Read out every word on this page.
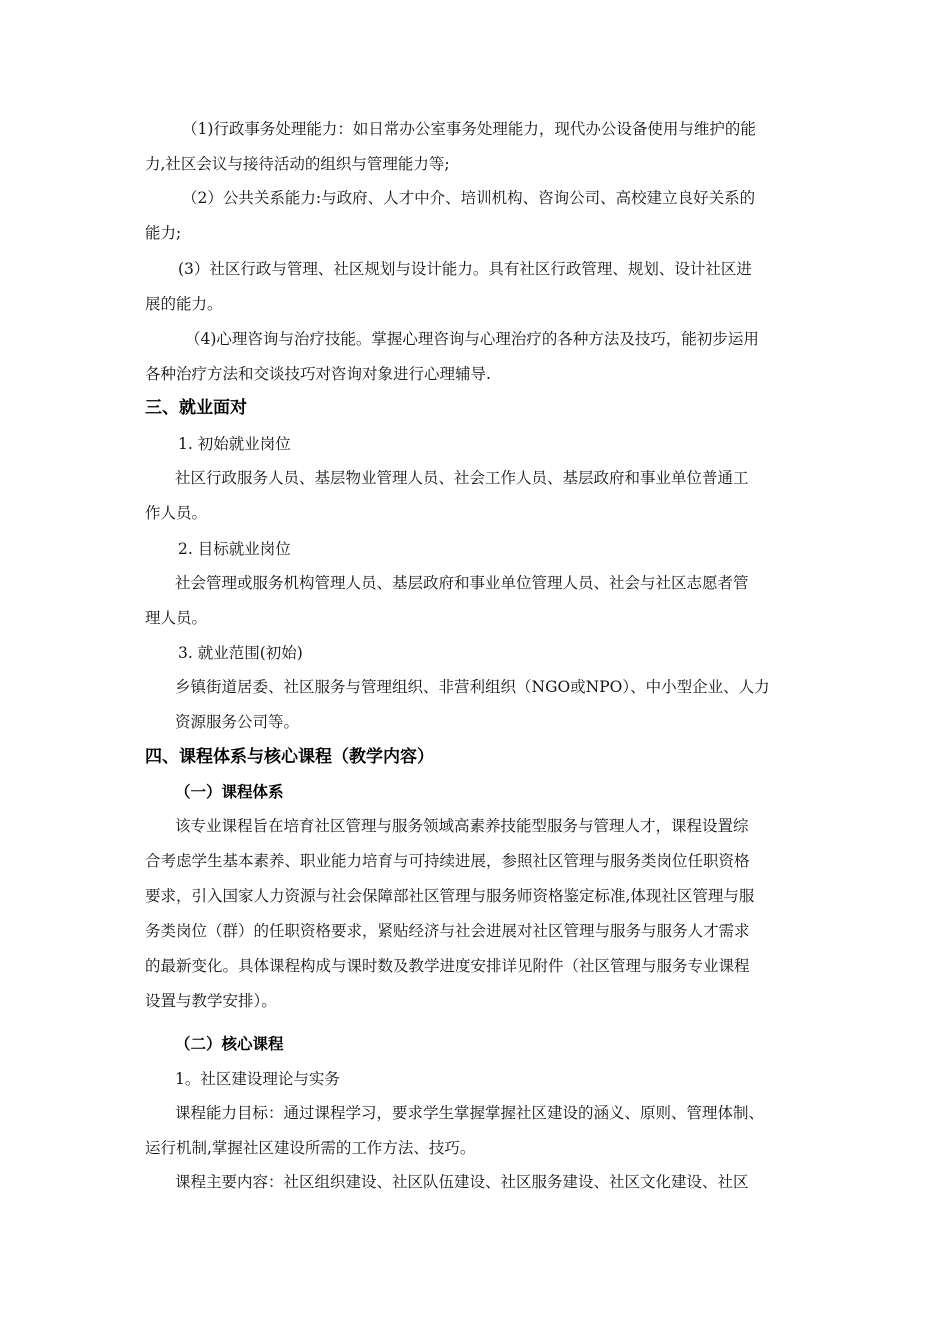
（1)行政事务处理能力：如日常办公室事务处理能力，现代办公设备使用与维护的能
力,社区会议与接待活动的组织与管理能力等;
（2）公共关系能力:与政府、人才中介、培训机构、咨询公司、高校建立良好关系的
能力;
(3）社区行政与管理、社区规划与设计能力。具有社区行政管理、规划、设计社区进
展的能力。
（4)心理咨询与治疗技能。掌握心理咨询与心理治疗的各种方法及技巧，能初步运用
各种治疗方法和交谈技巧对咨询对象进行心理辅导.
三、就业面对
1. 初始就业岗位
社区行政服务人员、基层物业管理人员、社会工作人员、基层政府和事业单位普通工
作人员。
2. 目标就业岗位
社会管理或服务机构管理人员、基层政府和事业单位管理人员、社会与社区志愿者管
理人员。
3. 就业范围(初始)
乡镇街道居委、社区服务与管理组织、非营利组织（NGO或NPO）、中小型企业、人力
资源服务公司等。
四、课程体系与核心课程（教学内容）
（一）课程体系
该专业课程旨在培育社区管理与服务领域高素养技能型服务与管理人才，课程设置综
合考虑学生基本素养、职业能力培育与可持续进展，参照社区管理与服务类岗位任职资格
要求，引入国家人力资源与社会保障部社区管理与服务师资格鉴定标准,体现社区管理与服
务类岗位（群）的任职资格要求，紧贴经济与社会进展对社区管理与服务与服务人才需求
的最新变化。具体课程构成与课时数及教学进度安排详见附件（社区管理与服务专业课程
设置与教学安排）。
（二）核心课程
1。社区建设理论与实务
课程能力目标：通过课程学习，要求学生掌握掌握社区建设的涵义、原则、管理体制、
运行机制,掌握社区建设所需的工作方法、技巧。
课程主要内容：社区组织建设、社区队伍建设、社区服务建设、社区文化建设、社区
